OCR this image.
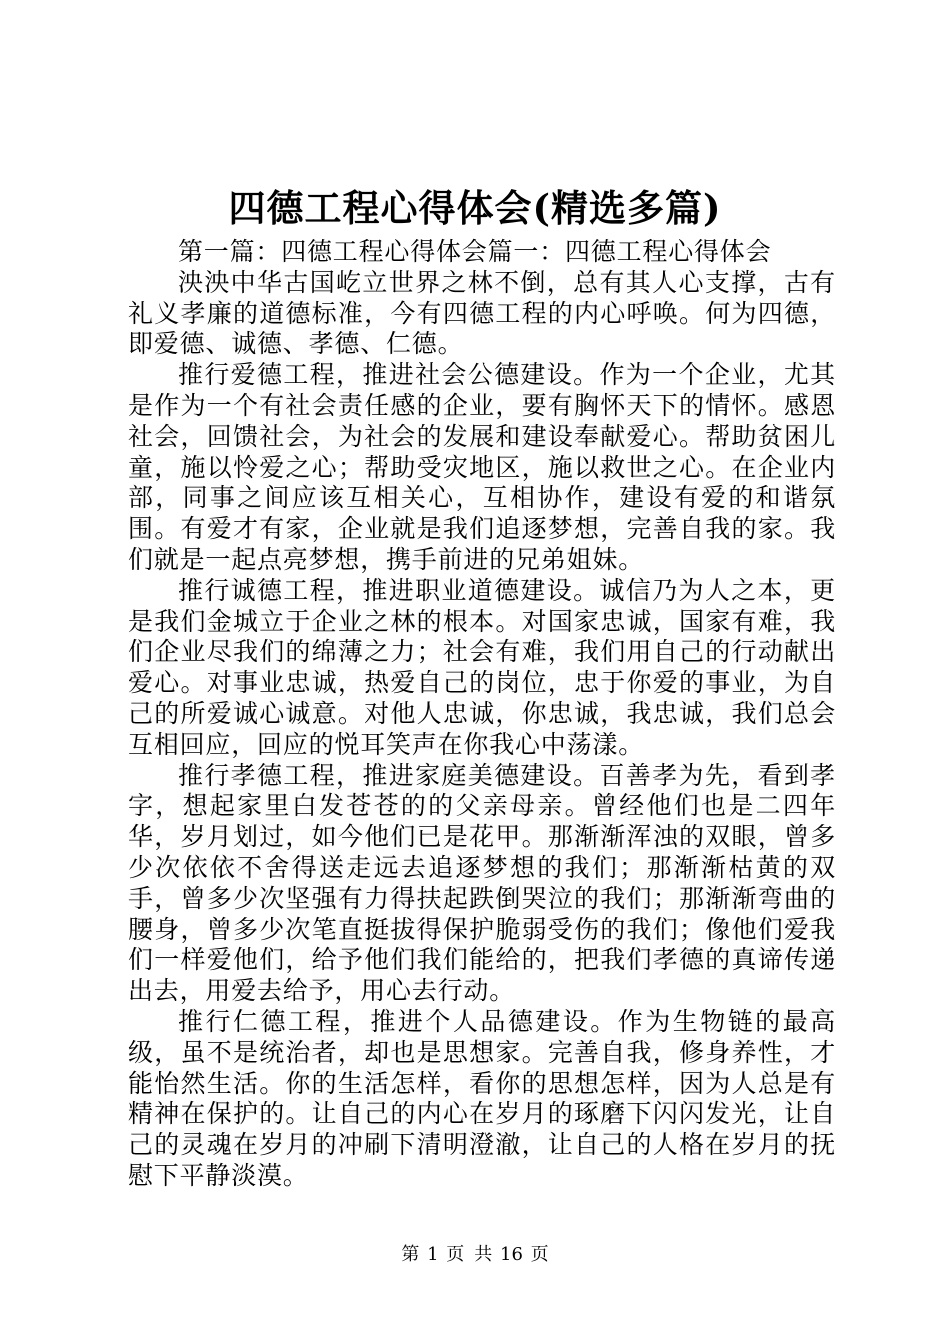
四德工程心得体会(精选多篇)

第一篇：四德工程心得体会篇一：四德工程心得体会

泱泱中华古国屹立世界之林不倒，总有其人心支撑，古有礼义孝廉的道德标准，今有四德工程的内心呼唤。何为四德，即爱德、诚德、孝德、仁德。

推行爱德工程，推进社会公德建设。作为一个企业，尤其是作为一个有社会责任感的企业，要有胸怀天下的情怀。感恩社会，回馈社会，为社会的发展和建设奉献爱心。帮助贫困儿童，施以怜爱之心；帮助受灾地区，施以救世之心。在企业内部，同事之间应该互相关心，互相协作，建设有爱的和谐氛围。有爱才有家，企业就是我们追逐梦想，完善自我的家。我们就是一起点亮梦想，携手前进的兄弟姐妹。

推行诚德工程，推进职业道德建设。诚信乃为人之本，更是我们金城立于企业之林的根本。对国家忠诚，国家有难，我们企业尽我们的绵薄之力；社会有难，我们用自己的行动献出爱心。对事业忠诚，热爱自己的岗位，忠于你爱的事业，为自己的所爱诚心诚意。对他人忠诚，你忠诚，我忠诚，我们总会互相回应，回应的悦耳笑声在你我心中荡漾。

推行孝德工程，推进家庭美德建设。百善孝为先，看到孝字，想起家里白发苍苍的的父亲母亲。曾经他们也是二四年华，岁月划过，如今他们已是花甲。那渐渐浑浊的双眼，曾多少次依依不舍得送走远去追逐梦想的我们；那渐渐枯黄的双手，曾多少次坚强有力得扶起跌倒哭泣的我们；那渐渐弯曲的腰身，曾多少次笔直挺拔得保护脆弱受伤的我们；像他们爱我们一样爱他们，给予他们我们能给的，把我们孝德的真谛传递出去，用爱去给予，用心去行动。

推行仁德工程，推进个人品德建设。作为生物链的最高级，虽不是统治者，却也是思想家。完善自我，修身养性，才能怡然生活。你的生活怎样，看你的思想怎样，因为人总是有精神在保护的。让自己的内心在岁月的琢磨下闪闪发光，让自己的灵魂在岁月的冲刷下清明澄澈，让自己的人格在岁月的抚慰下平静淡漠。

第 1 页 共 16 页
